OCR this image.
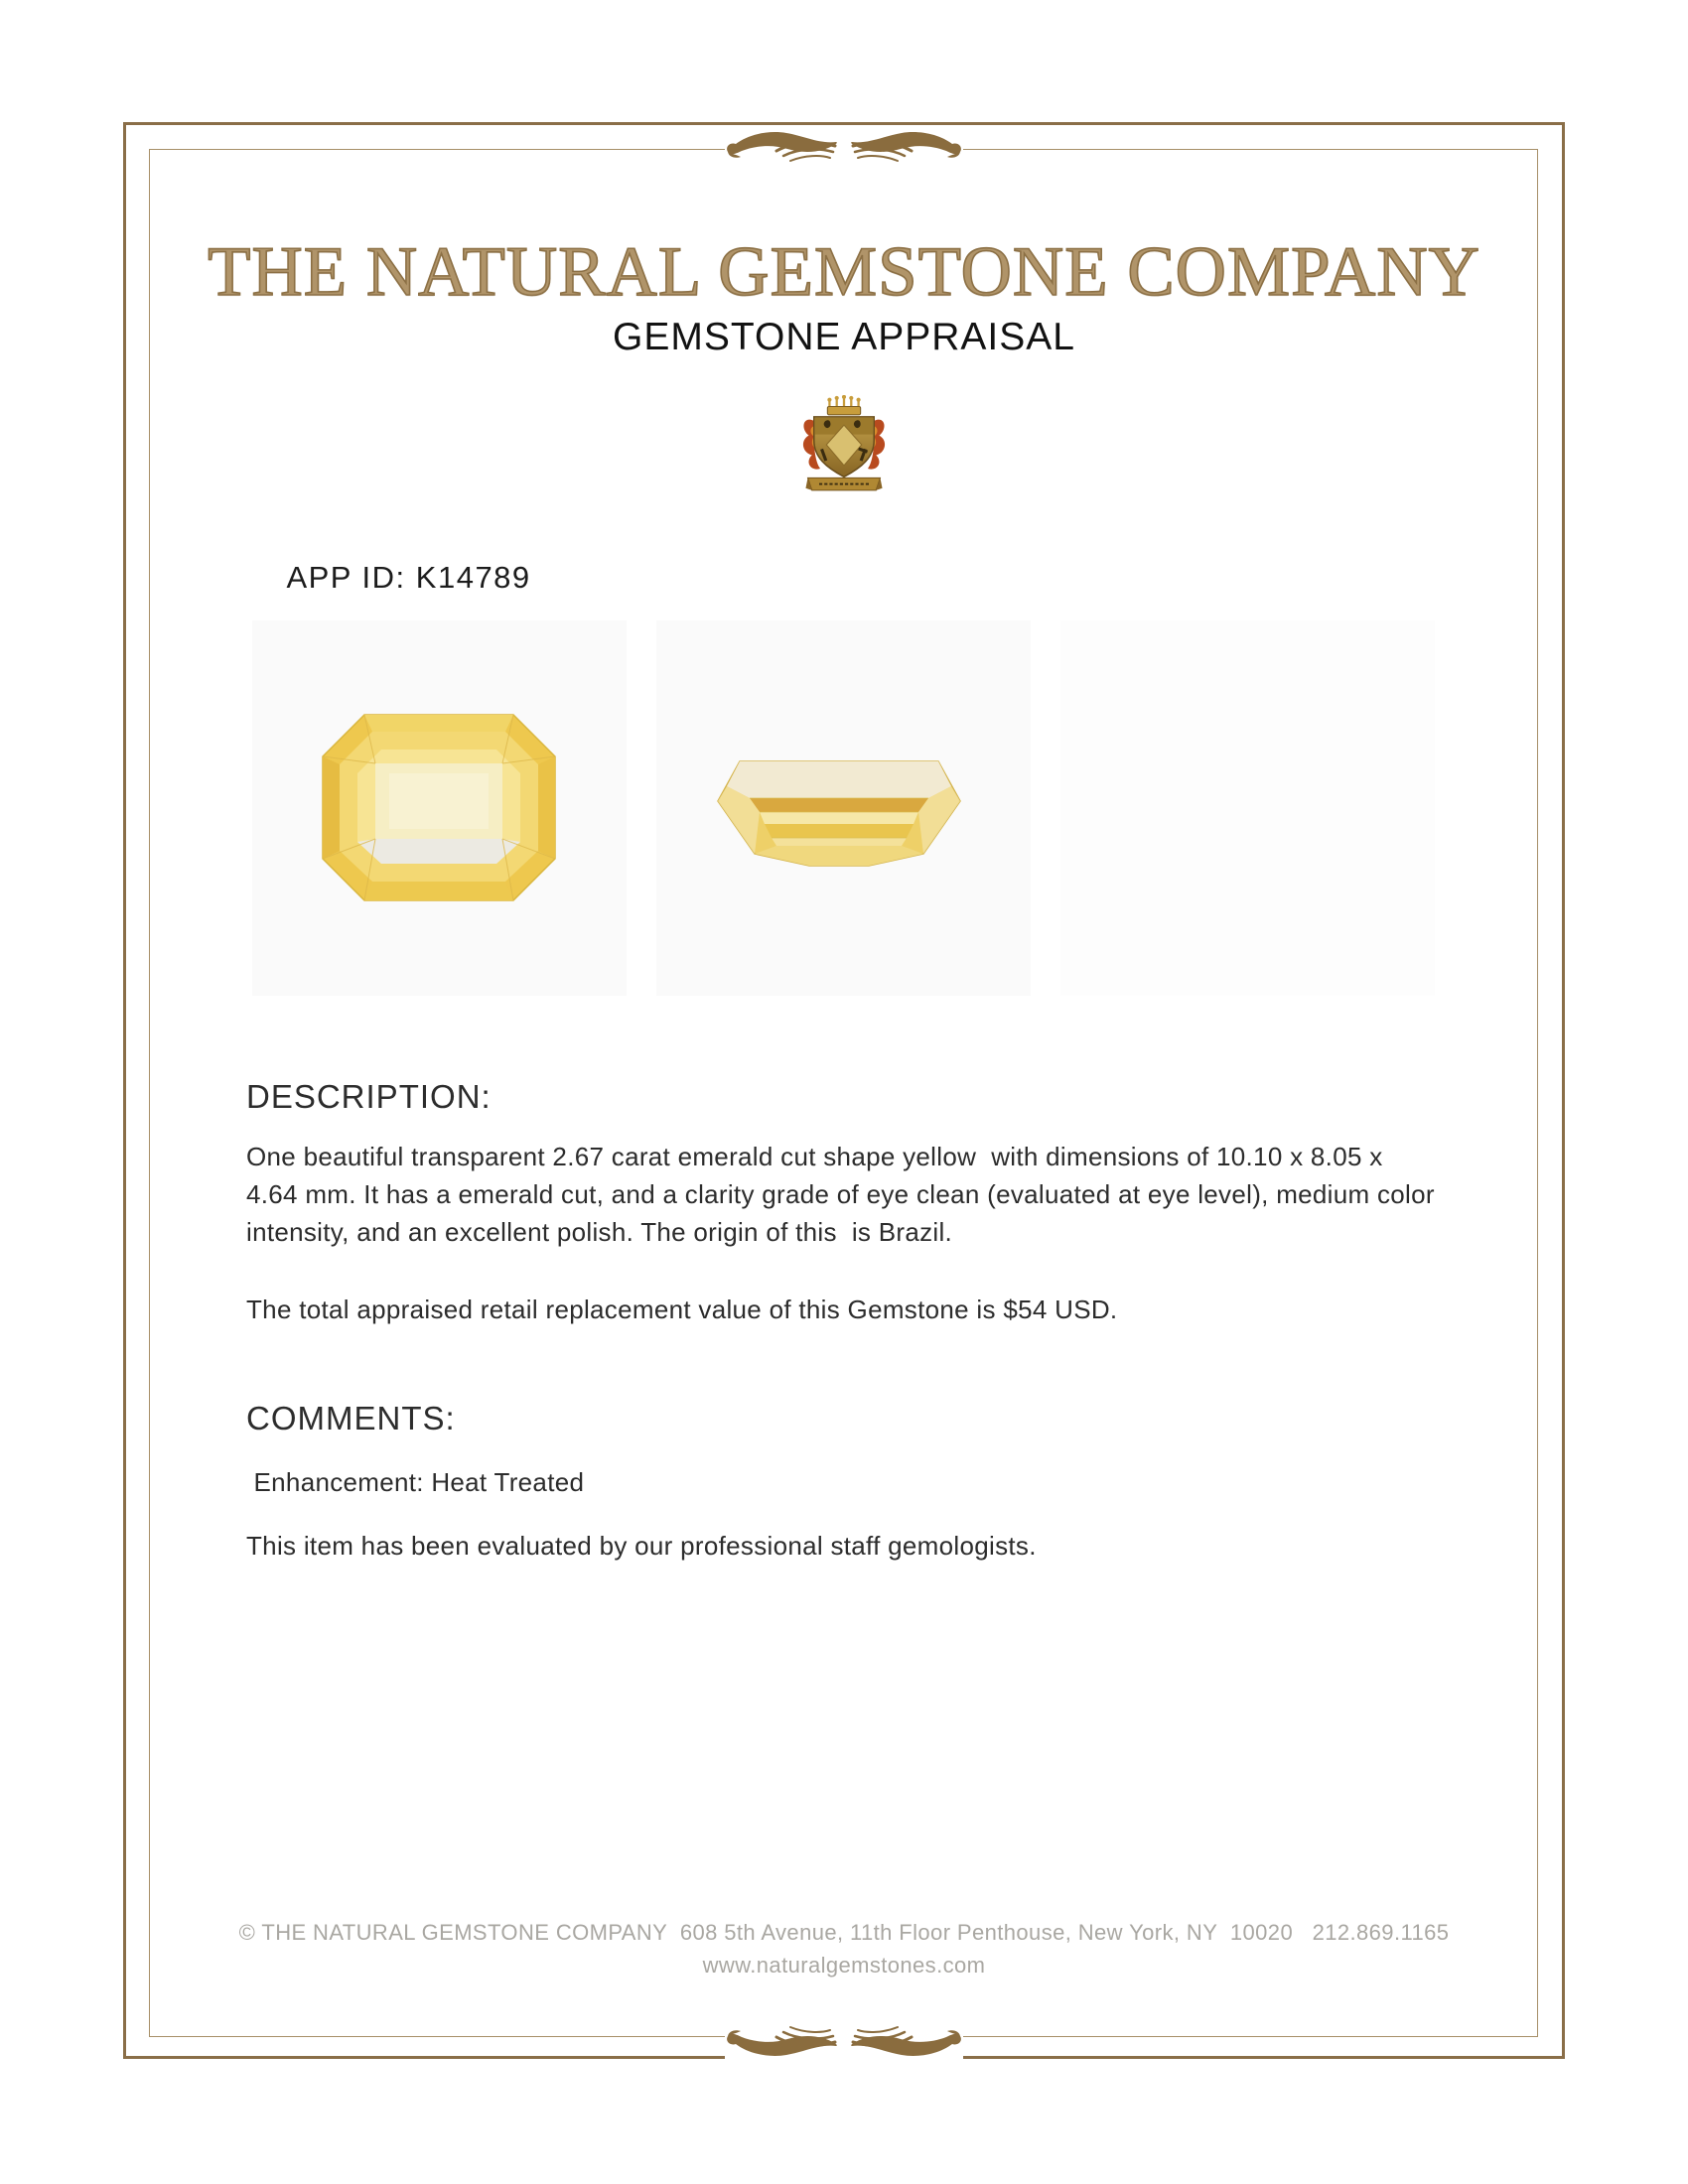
THE NATURAL GEMSTONE COMPANY
GEMSTONE APPRAISAL

APP ID: K14789

DESCRIPTION:
One beautiful transparent 2.67 carat emerald cut shape yellow  with dimensions of 10.10 x 8.05 x 4.64 mm. It has a emerald cut, and a clarity grade of eye clean (evaluated at eye level), medium color intensity, and an excellent polish. The origin of this  is Brazil.
The total appraised retail replacement value of this Gemstone is $54 USD.
COMMENTS:
Enhancement: Heat Treated
This item has been evaluated by our professional staff gemologists.
© THE NATURAL GEMSTONE COMPANY  608 5th Avenue, 11th Floor Penthouse, New York, NY  10020   212.869.1165
www.naturalgemstones.com
